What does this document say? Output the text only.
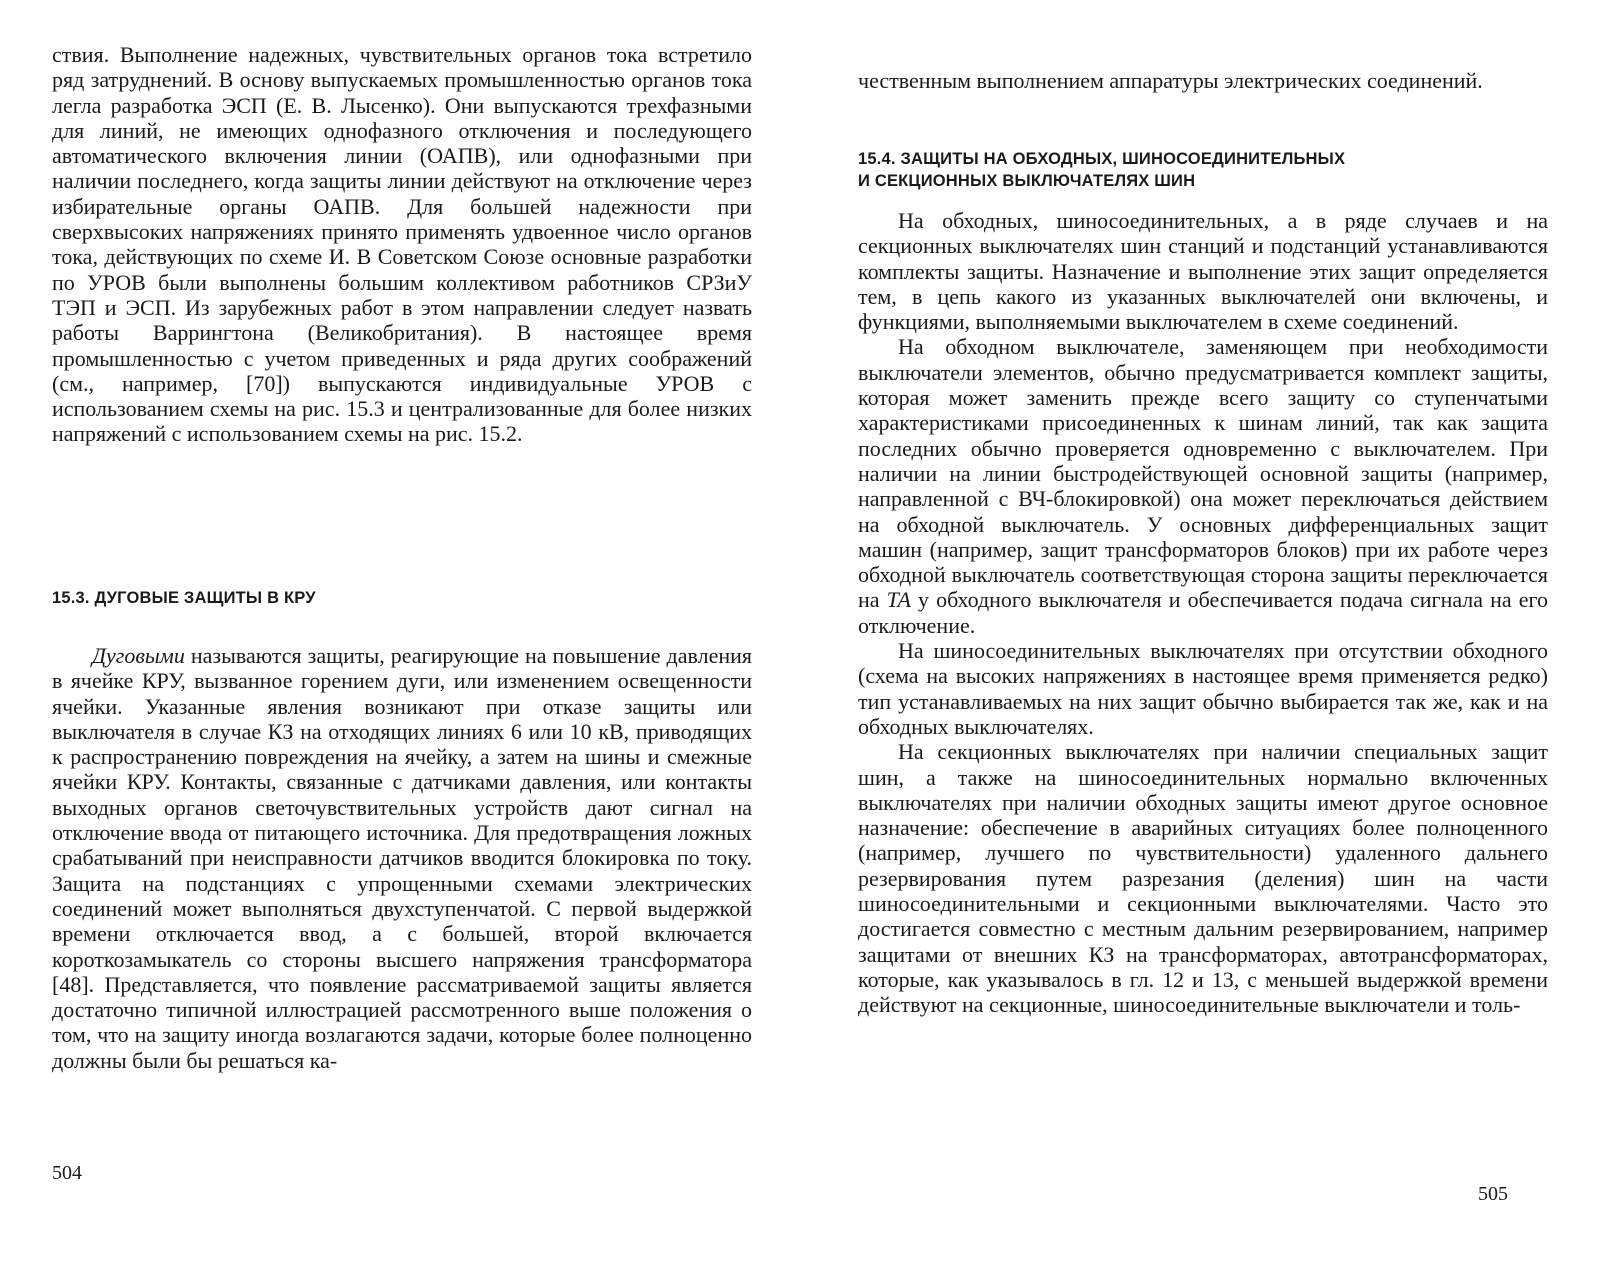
ствия. Выполнение надежных, чувствительных органов тока встретило ряд затруднений. В основу выпускаемых промышленностью органов тока легла разработка ЭСП (Е. В. Лысенко). Они выпускаются трехфазными для линий, не имеющих однофазного отключения и последующего автоматического включения линии (ОАПВ), или однофазными при наличии последнего, когда защиты линии действуют на отключение через избирательные органы ОАПВ. Для большей надежности при сверхвысоких напряжениях принято применять удвоенное число органов тока, действующих по схеме И. В Советском Союзе основные разработки по УРОВ были выполнены большим коллективом работников СРЗиУ ТЭП и ЭСП. Из зарубежных работ в этом направлении следует назвать работы Варрингтона (Великобритания). В настоящее время промышленностью с учетом приведенных и ряда других соображений (см., например, [70]) выпускаются индивидуальные УРОВ с использованием схемы на рис. 15.3 и централизованные для более низких напряжений с использованием схемы на рис. 15.2.

15.3. ДУГОВЫЕ ЗАЩИТЫ В КРУ

Дуговыми называются защиты, реагирующие на повышение давления в ячейке КРУ, вызванное горением дуги, или изменением освещенности ячейки. Указанные явления возникают при отказе защиты или выключателя в случае КЗ на отходящих линиях 6 или 10 кВ, приводящих к распространению повреждения на ячейку, а затем на шины и смежные ячейки КРУ. Контакты, связанные с датчиками давления, или контакты выходных органов светочувствительных устройств дают сигнал на отключение ввода от питающего источника. Для предотвращения ложных срабатываний при неисправности датчиков вводится блокировка по току. Защита на подстанциях с упрощенными схемами электрических соединений может выполняться двухступенчатой. С первой выдержкой времени отключается ввод, а с большей, второй включается короткозамыкатель со стороны высшего напряжения трансформатора [48]. Представляется, что появление рассматриваемой защиты является достаточно типичной иллюстрацией рассмотренного выше положения о том, что на защиту иногда возлагаются задачи, которые более полноценно должны были бы решаться ка-

504

чественным выполнением аппаратуры электрических соединений.

15.4. ЗАЩИТЫ НА ОБХОДНЫХ, ШИНОСОЕДИНИТЕЛЬНЫХ
И СЕКЦИОННЫХ ВЫКЛЮЧАТЕЛЯХ ШИН

На обходных, шиносоединительных, а в ряде случаев и на секционных выключателях шин станций и подстанций устанавливаются комплекты защиты. Назначение и выполнение этих защит определяется тем, в цепь какого из указанных выключателей они включены, и функциями, выполняемыми выключателем в схеме соединений.

На обходном выключателе, заменяющем при необходимости выключатели элементов, обычно предусматривается комплект защиты, которая может заменить прежде всего защиту со ступенчатыми характеристиками присоединенных к шинам линий, так как защита последних обычно проверяется одновременно с выключателем. При наличии на линии быстродействующей основной защиты (например, направленной с ВЧ-блокировкой) она может переключаться действием на обходной выключатель. У основных дифференциальных защит машин (например, защит трансформаторов блоков) при их работе через обходной выключатель соответствующая сторона защиты переключается на ТА у обходного выключателя и обеспечивается подача сигнала на его отключение.

На шиносоединительных выключателях при отсутствии обходного (схема на высоких напряжениях в настоящее время применяется редко) тип устанавливаемых на них защит обычно выбирается так же, как и на обходных выключателях.

На секционных выключателях при наличии специальных защит шин, а также на шиносоединительных нормально включенных выключателях при наличии обходных защиты имеют другое основное назначение: обеспечение в аварийных ситуациях более полноценного (например, лучшего по чувствительности) удаленного дальнего резервирования путем разрезания (деления) шин на части шиносоединительными и секционными выключателями. Часто это достигается совместно с местным дальним резервированием, например защитами от внешних КЗ на трансформаторах, автотрансформаторах, которые, как указывалось в гл. 12 и 13, с меньшей выдержкой времени действуют на секционные, шиносоединительные выключатели и толь-

505
